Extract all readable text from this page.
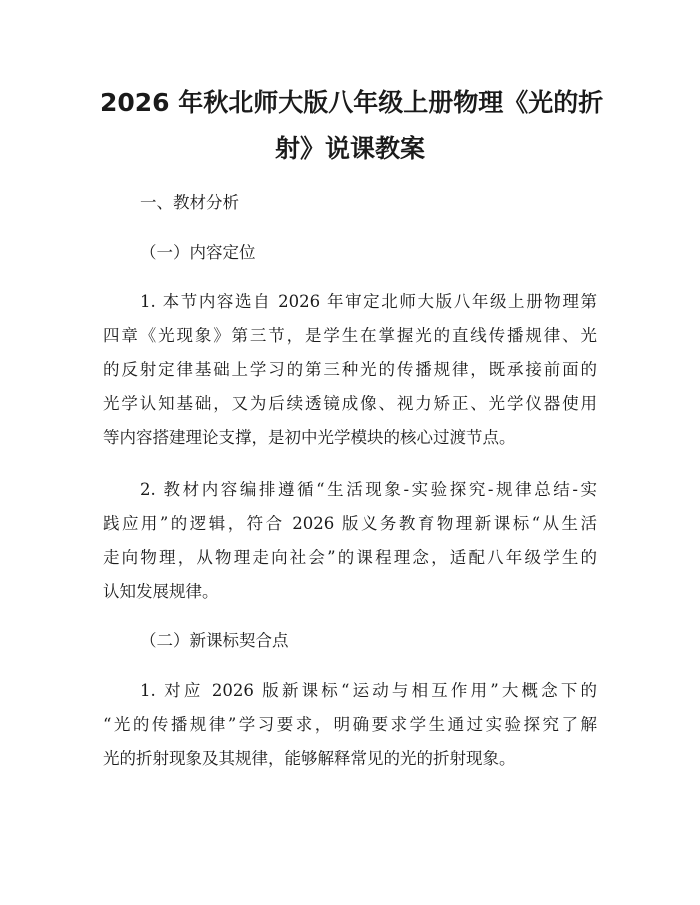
2026 年秋北师大版八年级上册物理《光的折
射》说课教案

一、教材分析

（一）内容定位

1. 本节内容选自 2026 年审定北师大版八年级上册物理第
四章《光现象》第三节，是学生在掌握光的直线传播规律、光
的反射定律基础上学习的第三种光的传播规律，既承接前面的
光学认知基础，又为后续透镜成像、视力矫正、光学仪器使用
等内容搭建理论支撑，是初中光学模块的核心过渡节点。
2. 教材内容编排遵循“生活现象-实验探究-规律总结-实
践应用”的逻辑，符合 2026 版义务教育物理新课标“从生活
走向物理，从物理走向社会”的课程理念，适配八年级学生的
认知发展规律。

（二）新课标契合点

1. 对应 2026 版新课标“运动与相互作用”大概念下的
“光的传播规律”学习要求，明确要求学生通过实验探究了解
光的折射现象及其规律，能够解释常见的光的折射现象。
